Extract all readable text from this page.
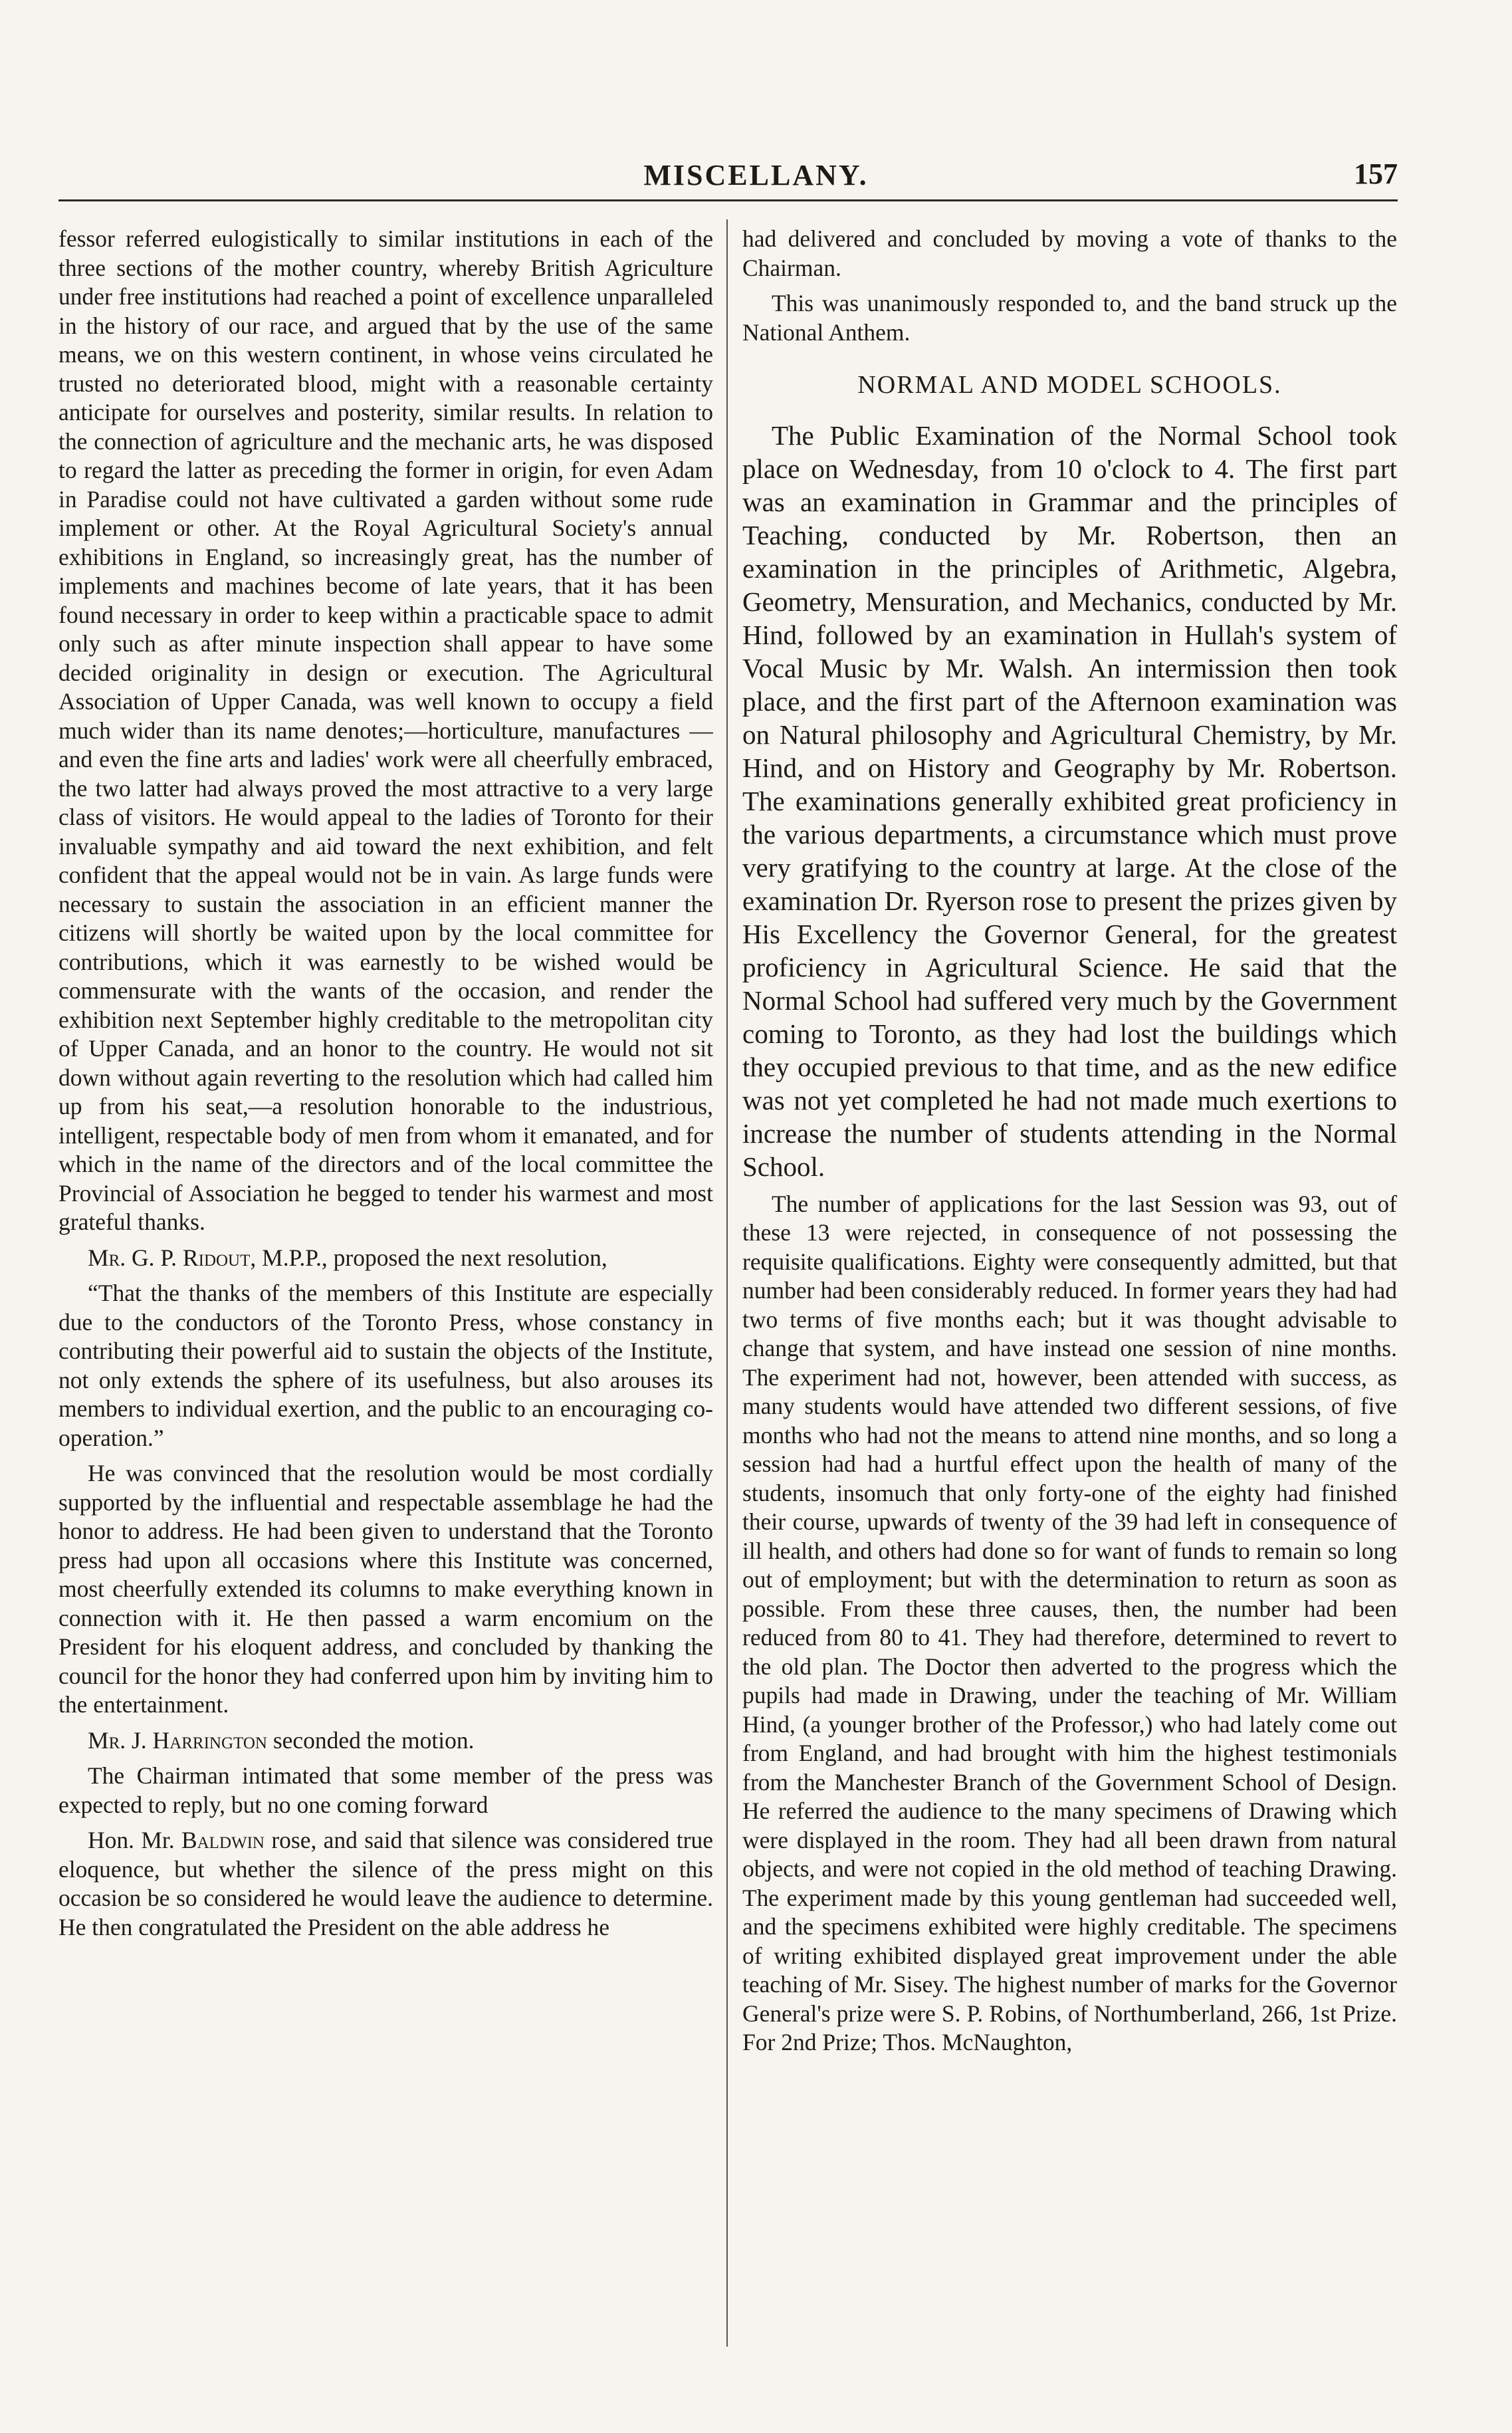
MISCELLANY.	157

fessor referred eulogistically to similar institutions in each of the three sections of the mother country, whereby British Agriculture under free institutions had reached a point of excellence unparalleled in the history of our race, and argued that by the use of the same means, we on this western continent, in whose veins circulated he trusted no deteriorated blood, might with a reasonable certainty anticipate for ourselves and posterity, similar results. In relation to the connection of agriculture and the mechanic arts, he was disposed to regard the latter as preceding the former in origin, for even Adam in Paradise could not have cultivated a garden without some rude implement or other. At the Royal Agricultural Society's annual exhibitions in England, so increasingly great, has the number of implements and machines become of late years, that it has been found necessary in order to keep within a practicable space to admit only such as after minute inspection shall appear to have some decided originality in design or execution. The Agricultural Association of Upper Canada, was well known to occupy a field much wider than its name denotes;—horticulture, manufactures —and even the fine arts and ladies' work were all cheerfully embraced, the two latter had always proved the most attractive to a very large class of visitors. He would appeal to the ladies of Toronto for their invaluable sympathy and aid toward the next exhibition, and felt confident that the appeal would not be in vain. As large funds were necessary to sustain the association in an efficient manner the citizens will shortly be waited upon by the local committee for contributions, which it was earnestly to be wished would be commensurate with the wants of the occasion, and render the exhibition next September highly creditable to the metropolitan city of Upper Canada, and an honor to the country. He would not sit down without again reverting to the resolution which had called him up from his seat,—a resolution honorable to the industrious, intelligent, respectable body of men from whom it emanated, and for which in the name of the directors and of the local committee the Provincial of Association he begged to tender his warmest and most grateful thanks.

Mr. G. P. Ridout, M.P.P., proposed the next resolution,

“That the thanks of the members of this Institute are especially due to the conductors of the Toronto Press, whose constancy in contributing their powerful aid to sustain the objects of the Institute, not only extends the sphere of its usefulness, but also arouses its members to individual exertion, and the public to an encouraging co-operation.”

He was convinced that the resolution would be most cordially supported by the influential and respectable assemblage he had the honor to address. He had been given to understand that the Toronto press had upon all occasions where this Institute was concerned, most cheerfully extended its columns to make everything known in connection with it. He then passed a warm encomium on the President for his eloquent address, and concluded by thanking the council for the honor they had conferred upon him by inviting him to the entertainment.

Mr. J. Harrington seconded the motion.

The Chairman intimated that some member of the press was expected to reply, but no one coming forward

Hon. Mr. Baldwin rose, and said that silence was considered true eloquence, but whether the silence of the press might on this occasion be so considered he would leave the audience to determine. He then congratulated the President on the able address he

had delivered and concluded by moving a vote of thanks to the Chairman.

This was unanimously responded to, and the band struck up the National Anthem.

NORMAL AND MODEL SCHOOLS.

The Public Examination of the Normal School took place on Wednesday, from 10 o'clock to 4. The first part was an examination in Grammar and the principles of Teaching, conducted by Mr. Robertson, then an examination in the principles of Arithmetic, Algebra, Geometry, Mensuration, and Mechanics, conducted by Mr. Hind, followed by an examination in Hullah's system of Vocal Music by Mr. Walsh. An intermission then took place, and the first part of the Afternoon examination was on Natural philosophy and Agricultural Chemistry, by Mr. Hind, and on History and Geography by Mr. Robertson. The examinations generally exhibited great proficiency in the various departments, a circumstance which must prove very gratifying to the country at large. At the close of the examination Dr. Ryerson rose to present the prizes given by His Excellency the Governor General, for the greatest proficiency in Agricultural Science. He said that the Normal School had suffered very much by the Government coming to Toronto, as they had lost the buildings which they occupied previous to that time, and as the new edifice was not yet completed he had not made much exertions to increase the number of students attending in the Normal School.

The number of applications for the last Session was 93, out of these 13 were rejected, in consequence of not possessing the requisite qualifications. Eighty were consequently admitted, but that number had been considerably reduced. In former years they had had two terms of five months each; but it was thought advisable to change that system, and have instead one session of nine months. The experiment had not, however, been attended with success, as many students would have attended two different sessions, of five months who had not the means to attend nine months, and so long a session had had a hurtful effect upon the health of many of the students, insomuch that only forty-one of the eighty had finished their course, upwards of twenty of the 39 had left in consequence of ill health, and others had done so for want of funds to remain so long out of employment; but with the determination to return as soon as possible. From these three causes, then, the number had been reduced from 80 to 41. They had therefore, determined to revert to the old plan. The Doctor then adverted to the progress which the pupils had made in Drawing, under the teaching of Mr. William Hind, (a younger brother of the Professor,) who had lately come out from England, and had brought with him the highest testimonials from the Manchester Branch of the Government School of Design. He referred the audience to the many specimens of Drawing which were displayed in the room. They had all been drawn from natural objects, and were not copied in the old method of teaching Drawing. The experiment made by this young gentleman had succeeded well, and the specimens exhibited were highly creditable. The specimens of writing exhibited displayed great improvement under the able teaching of Mr. Sisey. The highest number of marks for the Governor General's prize were S. P. Robins, of Northumberland, 266, 1st Prize. For 2nd Prize; Thos. McNaughton,
